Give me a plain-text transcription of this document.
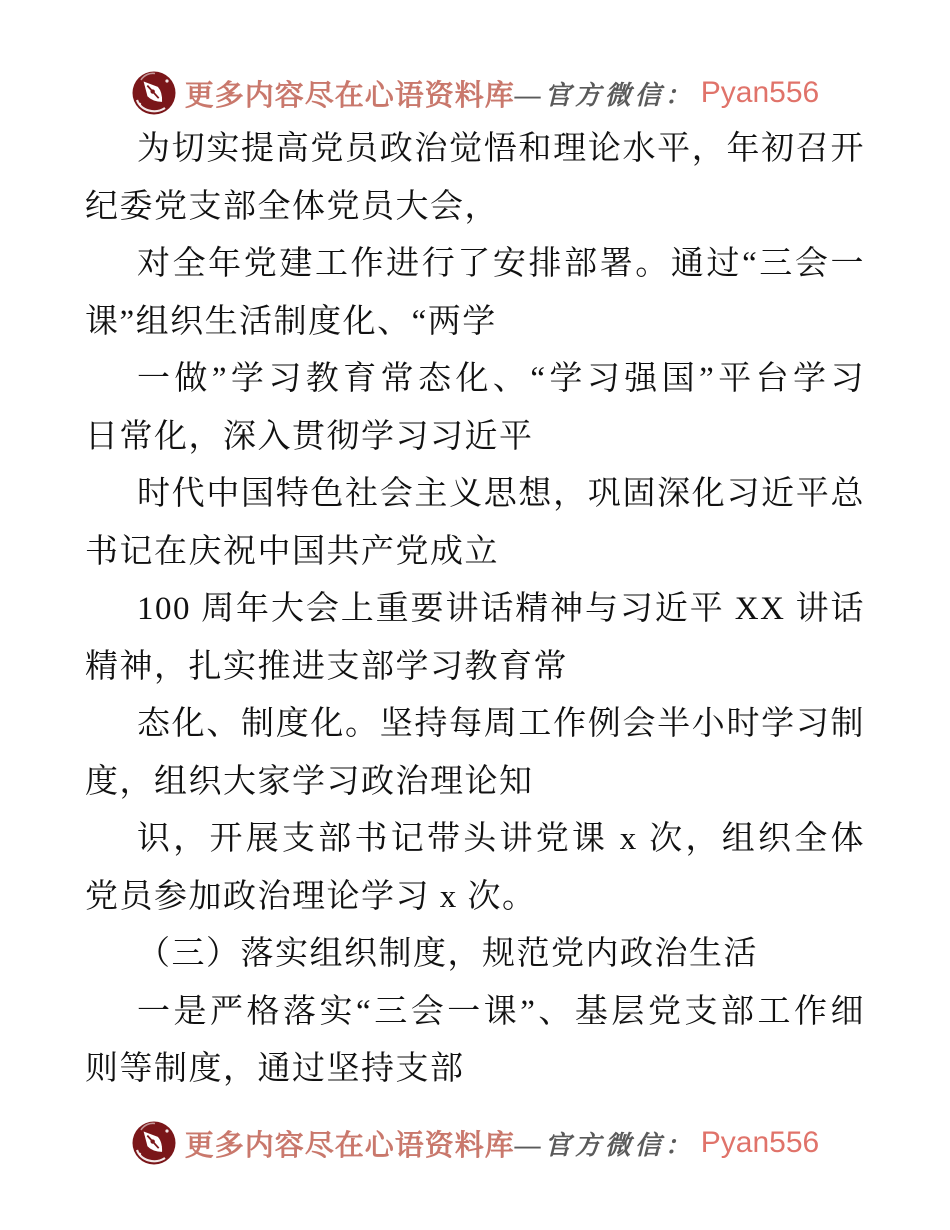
更多内容尽在心语资料库 —官方微信： Pyan556
为切实提高党员政治觉悟和理论水平，年初召开
纪委党支部全体党员大会，
对全年党建工作进行了安排部署。通过“三会一
课”组织生活制度化、“两学
一做”学习教育常态化、“学习强国”平台学习
日常化，深入贯彻学习习近平
时代中国特色社会主义思想，巩固深化习近平总
书记在庆祝中国共产党成立
100 周年大会上重要讲话精神与习近平 XX 讲话
精神，扎实推进支部学习教育常
态化、制度化。坚持每周工作例会半小时学习制
度，组织大家学习政治理论知
识，开展支部书记带头讲党课 x 次，组织全体
党员参加政治理论学习 x 次。
（三）落实组织制度，规范党内政治生活
一是严格落实“三会一课”、基层党支部工作细
则等制度，通过坚持支部
更多内容尽在心语资料库 —官方微信： Pyan556
